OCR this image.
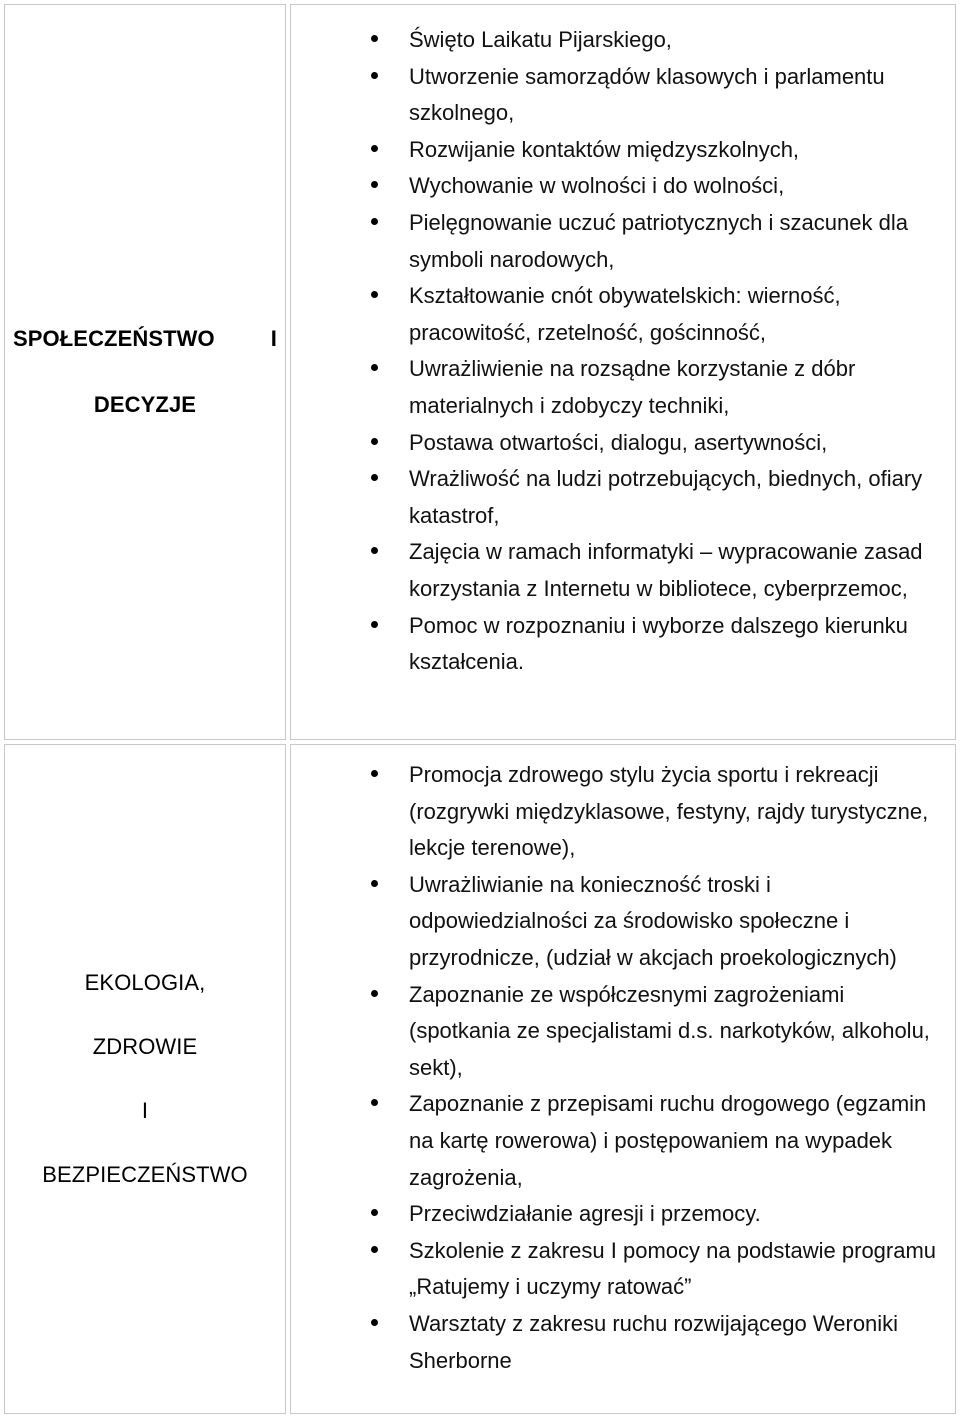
SPOŁECZEŃSTWO	I
DECYZJE
Święto Laikatu Pijarskiego,
Utworzenie samorządów klasowych i parlamentu szkolnego,
Rozwijanie kontaktów międzyszkolnych,
Wychowanie w wolności i do wolności,
Pielęgnowanie uczuć patriotycznych i szacunek dla symboli narodowych,
Kształtowanie cnót obywatelskich: wierność, pracowitość, rzetelność, gościnność,
Uwrażliwienie na rozsądne korzystanie z dóbr materialnych i zdobyczy techniki,
Postawa otwartości, dialogu, asertywności,
Wrażliwość na ludzi potrzebujących, biednych, ofiary katastrof,
Zajęcia w ramach informatyki – wypracowanie zasad korzystania z Internetu w bibliotece, cyberprzemoc,
Pomoc w rozpoznaniu i wyborze dalszego kierunku kształcenia.
EKOLOGIA,
ZDROWIE
I
BEZPIECZEŃSTWO
Promocja zdrowego stylu życia sportu i rekreacji (rozgrywki międzyklasowe, festyny, rajdy turystyczne, lekcje terenowe),
Uwrażliwianie na konieczność troski i odpowiedzialności za środowisko społeczne i przyrodnicze, (udział w akcjach proekologicznych)
Zapoznanie ze współczesnymi zagrożeniami (spotkania ze specjalistami d.s. narkotyków, alkoholu, sekt),
Zapoznanie z przepisami ruchu drogowego (egzamin na kartę rowerowa) i postępowaniem na wypadek zagrożenia,
Przeciwdziałanie agresji i przemocy.
Szkolenie z zakresu I pomocy na podstawie programu „Ratujemy i uczymy ratować”
Warsztaty z zakresu ruchu rozwijającego Weroniki Sherborne
